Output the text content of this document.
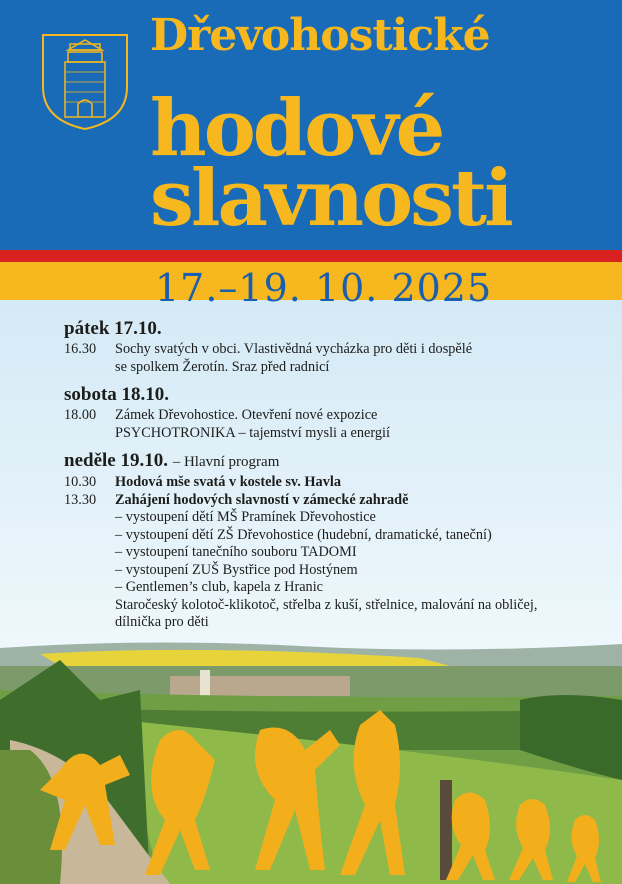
Dřevohostické
hodové
slavnosti
17.–19. 10. 2025
pátek 17.10.
16.30	Sochy svatých v obci. Vlastivědná vycházka pro děti i dospělé
se spolkem Žerotín. Sraz před radnicí
sobota 18.10.
18.00	Zámek Dřevohostice. Otevření nové expozice
PSYCHOTRONIKA – tajemství mysli a energií
neděle 19.10. – Hlavní program
10.30	Hodová mše svatá v kostele sv. Havla
13.30	Zahájení hodových slavností v zámecké zahradě
– vystoupení dětí MŠ Pramínek Dřevohostice
– vystoupení dětí ZŠ Dřevohostice (hudební, dramatické, taneční)
– vystoupení tanečního souboru TADOMI
– vystoupení ZUŠ Bystřice pod Hostýnem
– Gentlemen’s club, kapela z Hranic
Staročeský kolotoč-klikotoč, střelba z kuší, střelnice, malování na obličej,
dílnička pro děti
